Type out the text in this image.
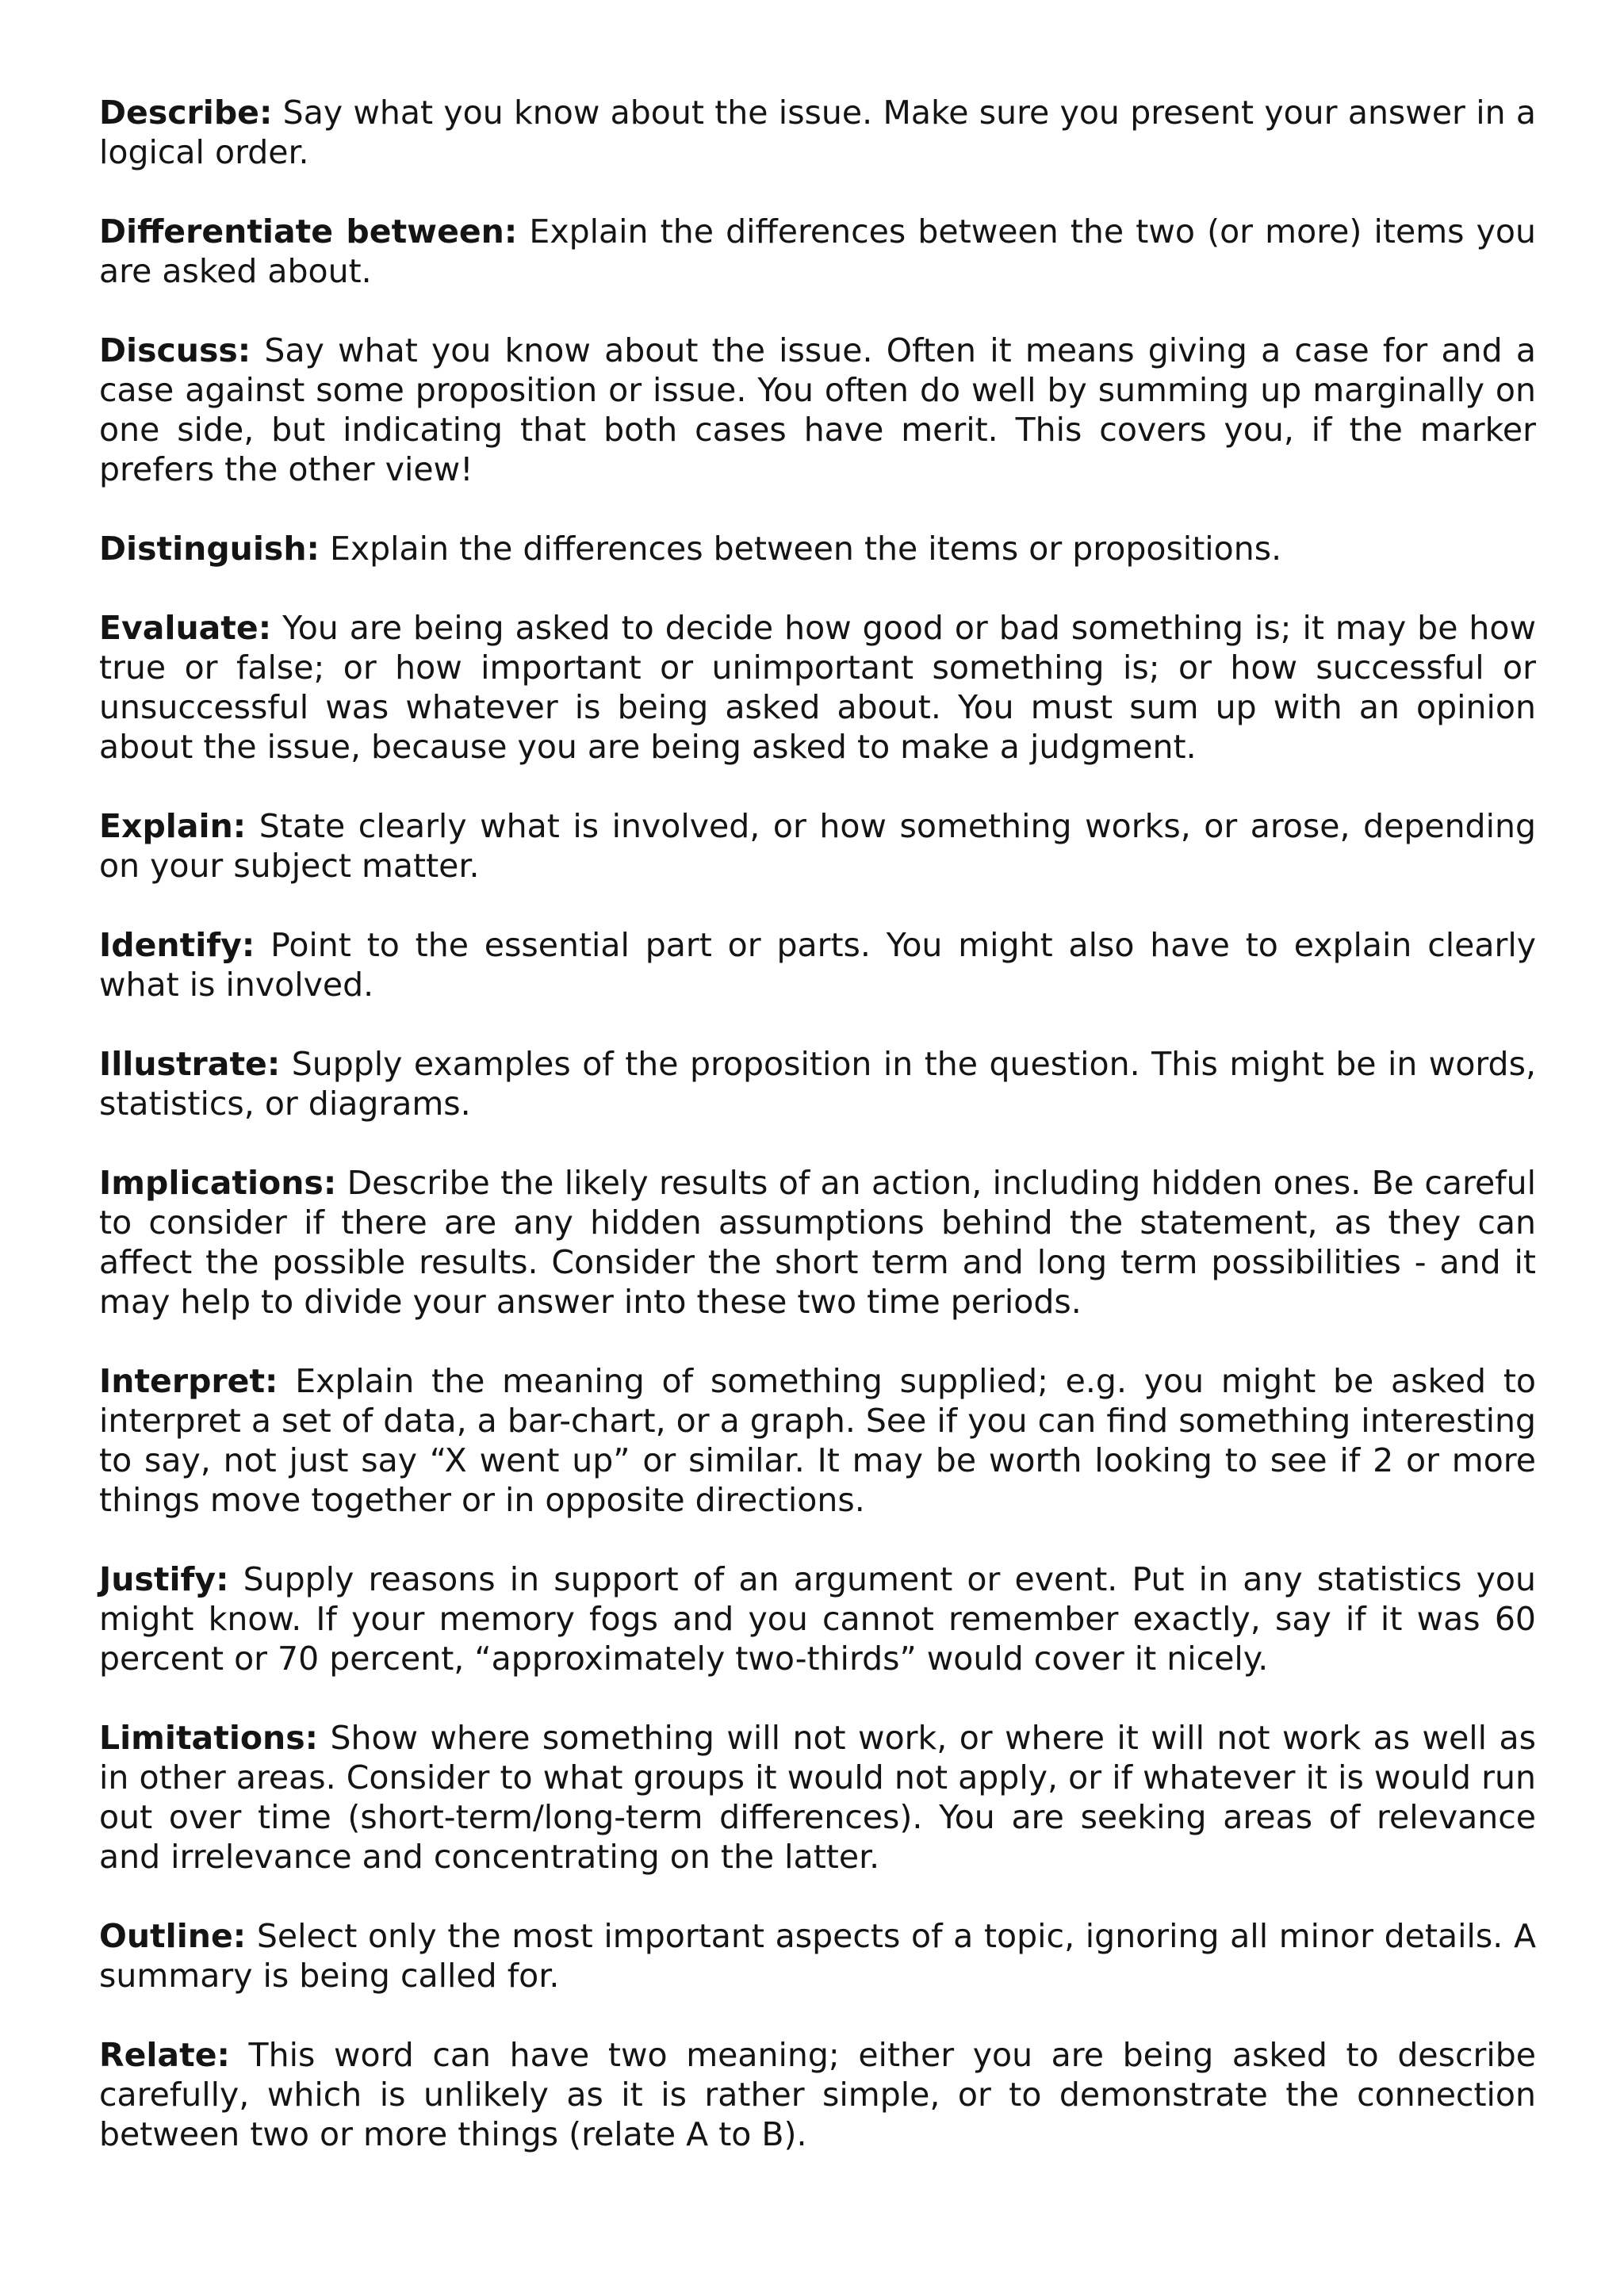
Describe: Say what you know about the issue. Make sure you present your answer in a logical order.

Differentiate between: Explain the differences between the two (or more) items you are asked about.

Discuss: Say what you know about the issue. Often it means giving a case for and a case against some proposition or issue. You often do well by summing up marginally on one side, but indicating that both cases have merit. This covers you, if the marker prefers the other view!

Distinguish: Explain the differences between the items or propositions.

Evaluate: You are being asked to decide how good or bad something is; it may be how true or false; or how important or unimportant something is; or how successful or unsuccessful was whatever is being asked about. You must sum up with an opinion about the issue, because you are being asked to make a judgment.

Explain: State clearly what is involved, or how something works, or arose, depending on your subject matter.

Identify: Point to the essential part or parts. You might also have to explain clearly what is involved.

Illustrate: Supply examples of the proposition in the question. This might be in words, statistics, or diagrams.

Implications: Describe the likely results of an action, including hidden ones. Be careful to consider if there are any hidden assumptions behind the statement, as they can affect the possible results. Consider the short term and long term possibilities - and it may help to divide your answer into these two time periods.

Interpret: Explain the meaning of something supplied; e.g. you might be asked to interpret a set of data, a bar-chart, or a graph. See if you can find something interesting to say, not just say “X went up” or similar. It may be worth looking to see if 2 or more things move together or in opposite directions.

Justify: Supply reasons in support of an argument or event. Put in any statistics you might know. If your memory fogs and you cannot remember exactly, say if it was 60 percent or 70 percent, “approximately two-thirds” would cover it nicely.

Limitations: Show where something will not work, or where it will not work as well as in other areas. Consider to what groups it would not apply, or if whatever it is would run out over time (short-term/long-term differences). You are seeking areas of relevance and irrelevance and concentrating on the latter.

Outline: Select only the most important aspects of a topic, ignoring all minor details. A summary is being called for.

Relate: This word can have two meaning; either you are being asked to describe carefully, which is unlikely as it is rather simple, or to demonstrate the connection between two or more things (relate A to B).
